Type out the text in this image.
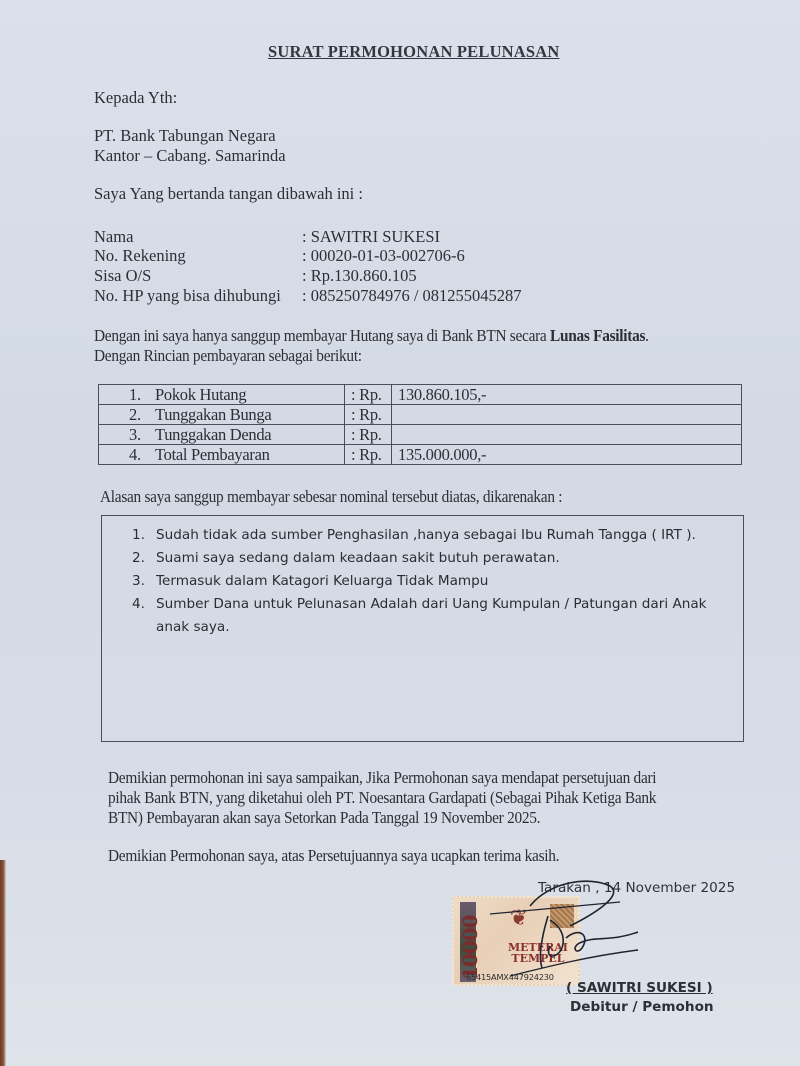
SURAT PERMOHONAN PELUNASAN
Kepada Yth:
PT. Bank Tabungan Negara
Kantor – Cabang. Samarinda
Saya Yang bertanda tangan dibawah ini :
Nama	: SAWITRI SUKESI
No. Rekening	: 00020-01-03-002706-6
Sisa O/S	: Rp.130.860.105
No. HP yang bisa dihubungi : 085250784976 / 081255045287
Dengan ini saya hanya sanggup membayar Hutang saya di Bank BTN secara Lunas Fasilitas.
Dengan Rincian pembayaran sebagai berikut:
1. Pokok Hutang	: Rp.	130.860.105,-
2. Tunggakan Bunga	: Rp.	
3. Tunggakan Denda	: Rp.	
4. Total Pembayaran	: Rp.	135.000.000,-
Alasan saya sanggup membayar sebesar nominal tersebut diatas, dikarenakan :
1. Sudah tidak ada sumber Penghasilan ,hanya sebagai Ibu Rumah Tangga ( IRT ).
2. Suami saya sedang dalam keadaan sakit butuh perawatan.
3. Termasuk dalam Katagori Keluarga Tidak Mampu
4. Sumber Dana untuk Pelunasan Adalah dari Uang Kumpulan / Patungan dari Anak anak saya.
Demikian permohonan ini saya sampaikan, Jika Permohonan saya mendapat persetujuan dari
pihak Bank BTN, yang diketahui oleh PT. Noesantara Gardapati (Sebagai Pihak Ketiga Bank
BTN) Pembayaran akan saya Setorkan Pada Tanggal 19 November 2025.
Demikian Permohonan saya, atas Persetujuannya saya ucapkan terima kasih.
Tarakan , 14 November 2025
10000 ❦
METERAI
TEMPEL
65415AMX447924230
( SAWITRI SUKESI )
Debitur / Pemohon
